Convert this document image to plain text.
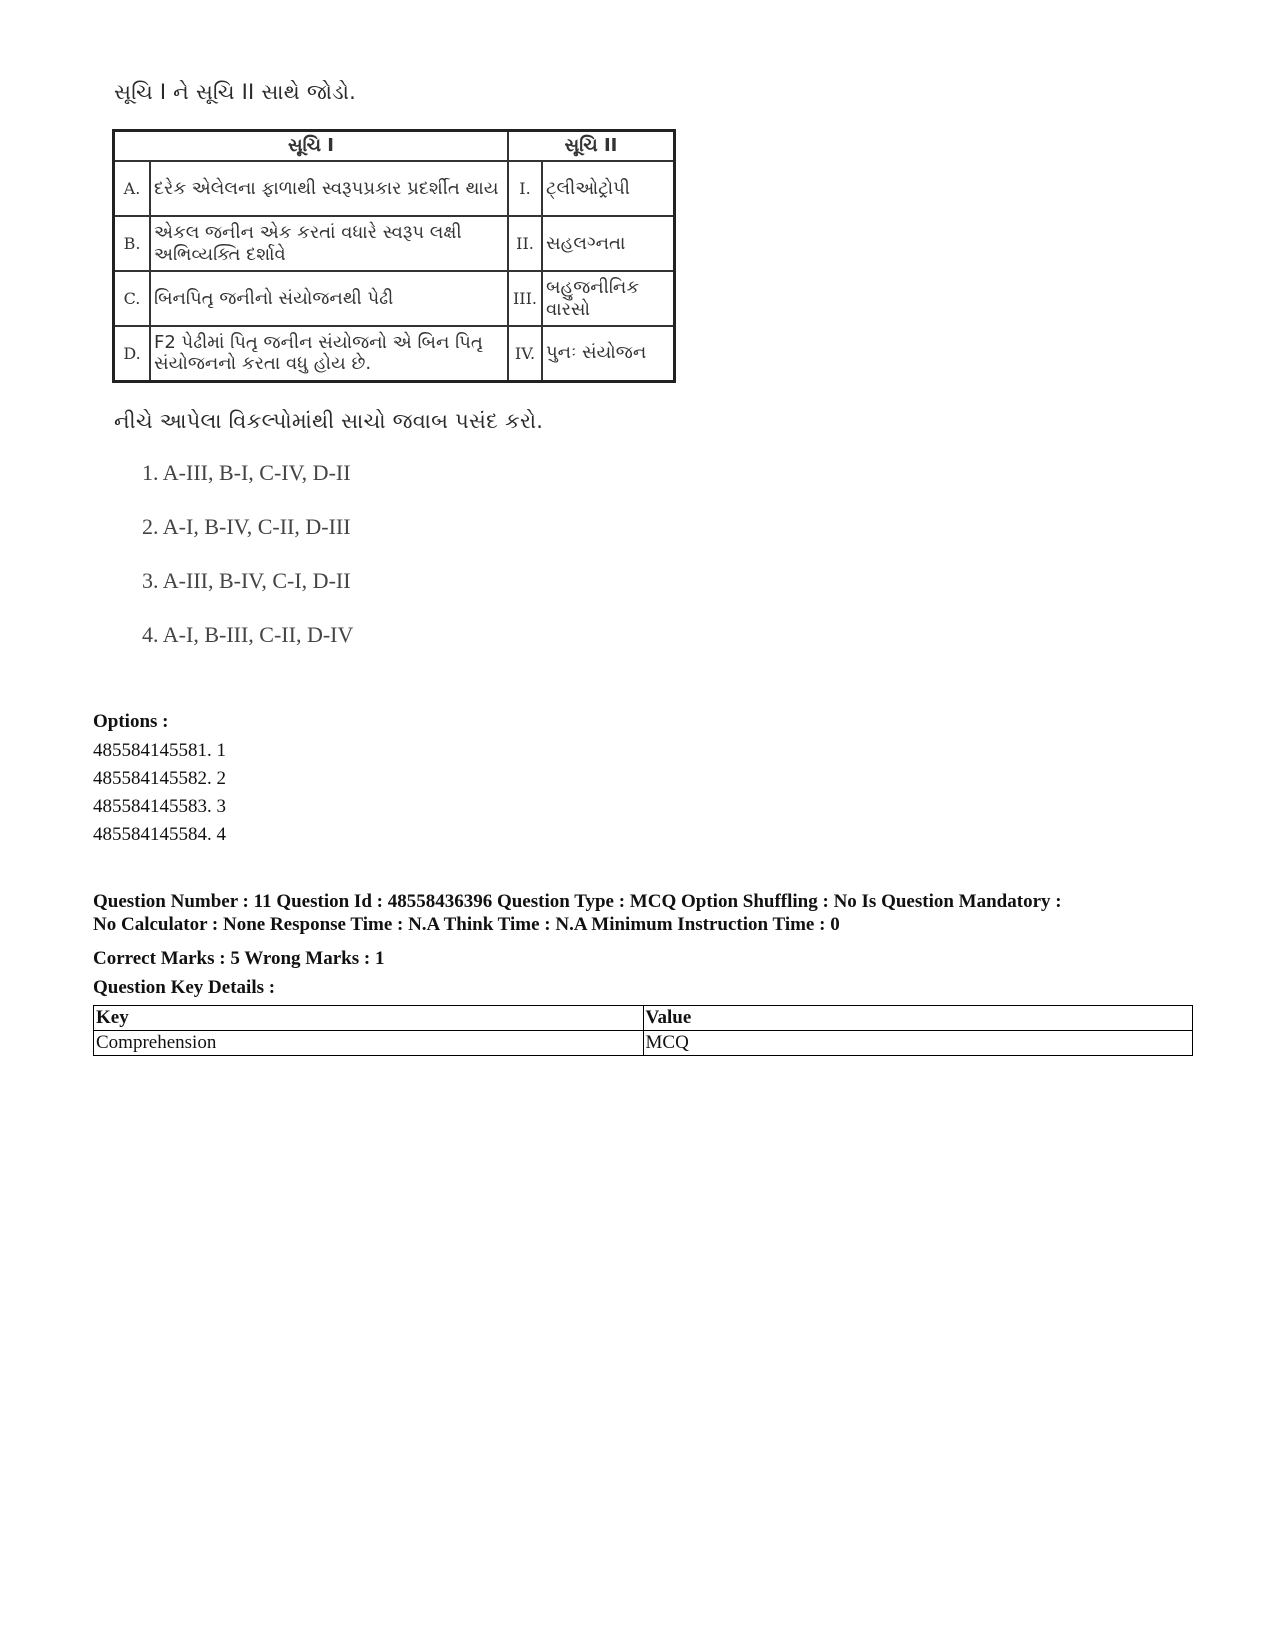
સૂચિ I ને સૂચિ II સાથે જોડો.
સૂચિ I		સૂચિ II	
A.	દરેક એલેલના ફાળાથી સ્વરૂપપ્રકાર પ્રદર્શીત થાય	I.	ટ્લીઓટ્રોપી
B.	એકલ જનીન એક કરતાં વધારે સ્વરૂપ લક્ષી અભિવ્યક્તિ દર્શાવે	II.	સહલગ્નતા
C.	બિનપિતૃ જનીનો સંયોજનથી પેઢી	III.	બહુજનીનિક વારસો
D.	F2 પેઢીમાં પિતૃ જનીન સંયોજનો એ બિન પિતૃ સંયોજનનો કરતા વધુ હોય છે.	IV.	પુનઃ સંયોજન
નીચે આપેલા વિકલ્પોમાંથી સાચો જવાબ પસંદ કરો.
1. A-III, B-I, C-IV, D-II
2. A-I, B-IV, C-II, D-III
3. A-III, B-IV, C-I, D-II
4. A-I, B-III, C-II, D-IV
Options :
485584145581. 1
485584145582. 2
485584145583. 3
485584145584. 4
Question Number : 11 Question Id : 48558436396 Question Type : MCQ Option Shuffling : No Is Question Mandatory :
No Calculator : None Response Time : N.A Think Time : N.A Minimum Instruction Time : 0
Correct Marks : 5 Wrong Marks : 1
Question Key Details :
Key	Value
Comprehension	MCQ
